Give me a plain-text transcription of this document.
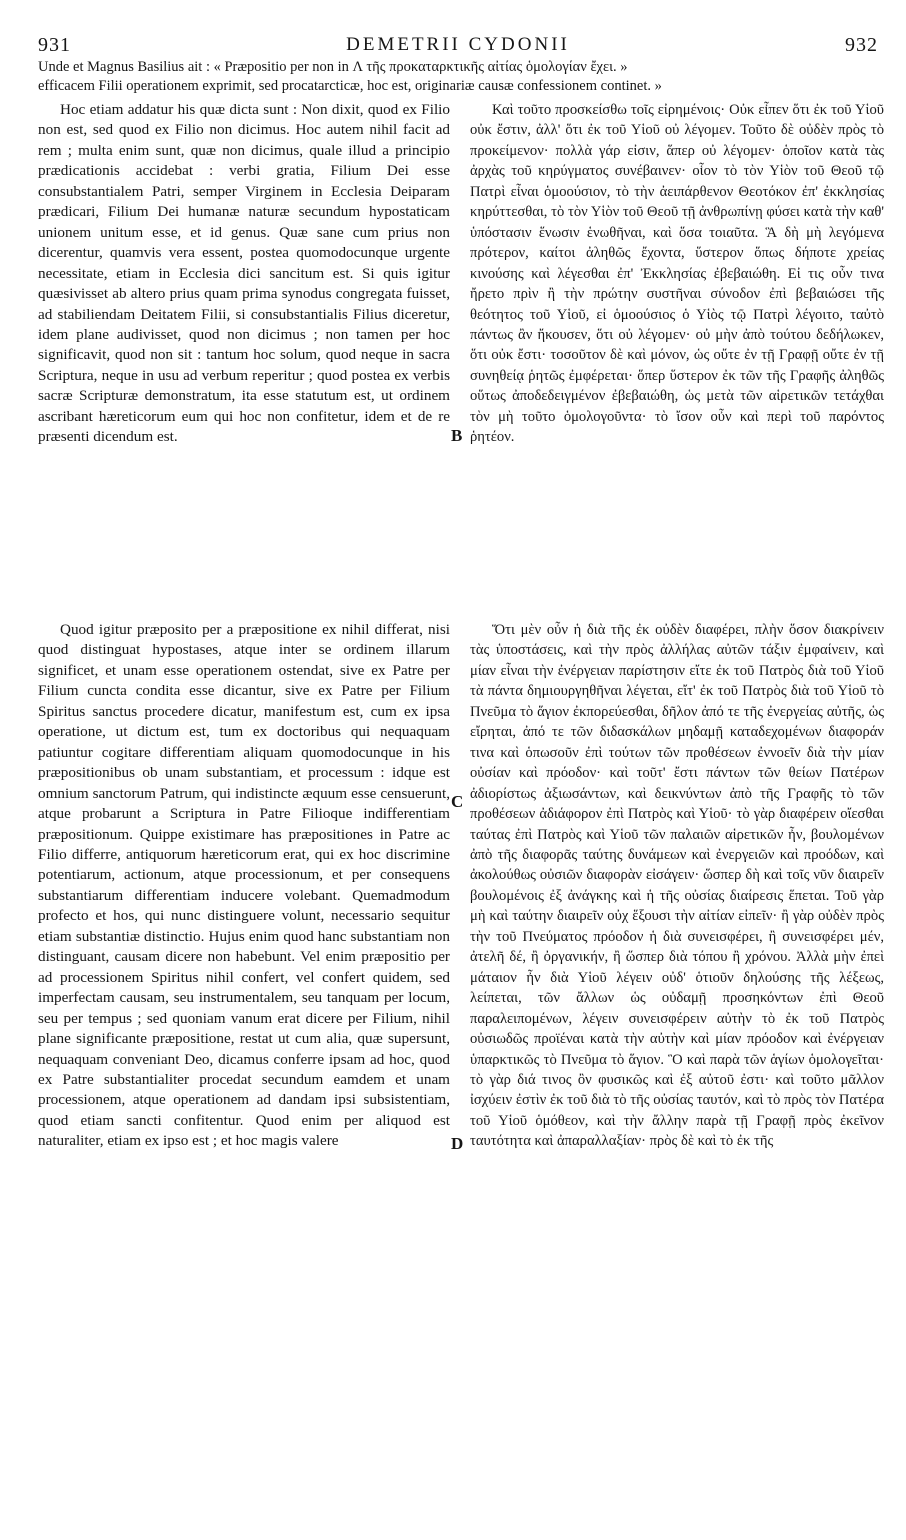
DEMETRII CYDONII
931	932
Unde et Magnus Basilius ait : « Præpositio per non in Λ τῆς προκαταρκτικῆς αἰτίας ὁμολογίαν ἔχει. »
efficacem Filii operationem exprimit, sed procatarcticæ, hoc est, originariæ causæ confessionem continet. »

Hoc etiam addatur his quæ dicta sunt : Non dixit, quod ex Filio non est, sed quod ex Filio non dicimus. Hoc autem nihil facit ad rem ; multa enim sunt, quæ non dicimus, quale illud a principio prædicationis accidebat : verbi gratia, Filium Dei esse consubstantialem Patri, semper Virginem in Ecclesia Deiparam prædicari, Filium Dei humanæ naturæ secundum hypostaticam unionem unitum esse, et id genus. Quæ sane cum prius non dicerentur, quamvis vera essent, postea quomodocunque urgente necessitate, etiam in Ecclesia dici sancitum est. Si quis igitur quæsivisset ab altero prius quam prima synodus congregata fuisset, ad stabiliendam Deitatem Filii, si consubstantialis Filius diceretur, idem plane audivisset, quod non dicimus ; non tamen per hoc significavit, quod non sit : tantum hoc solum, quod neque in sacra Scriptura, neque in usu ad verbum reperitur ; quod postea ex verbis sacræ Scripturæ demonstratum, ita esse statutum est, ut ordinem ascribant hæreticorum eum qui hoc non confitetur, idem et de re præsenti dicendum est.

Καὶ τοῦτο προσκείσθω τοῖς εἰρημένοις· Οὐκ εἶπεν ὅτι ἐκ τοῦ Υἱοῦ οὐκ ἔστιν, ἀλλ' ὅτι ἐκ τοῦ Υἱοῦ οὐ λέγομεν. Τοῦτο δὲ οὐδὲν πρὸς τὸ προκείμενον· πολλὰ γάρ εἰσιν, ἅπερ οὐ λέγομεν· ὁποῖον κατὰ τὰς ἀρχὰς τοῦ κηρύγματος συνέβαινεν· οἷον τὸ τὸν Υἱὸν τοῦ Θεοῦ τῷ Πατρὶ εἶναι ὁμοούσιον, τὸ τὴν ἀειπάρθενον Θεοτόκον ἐπ' ἐκκλησίας κηρύττεσθαι, τὸ τὸν Υἱὸν τοῦ Θεοῦ τῇ ἀνθρωπίνῃ φύσει κατὰ τὴν καθ' ὑπόστασιν ἕνωσιν ἑνωθῆναι, καὶ ὅσα τοιαῦτα. Ἃ δὴ μὴ λεγόμενα πρότερον, καίτοι ἀληθῶς ἔχοντα, ὕστερον ὅπως δήποτε χρείας κινούσης καὶ λέγεσθαι ἐπ' Ἐκκλησίας ἐβεβαιώθη. Εἰ τις οὖν τινα ἤρετο πρὶν ἢ τὴν πρώτην συστῆναι σύνοδον ἐπὶ βεβαιώσει τῆς θεότητος τοῦ Υἱοῦ, εἰ ὁμοούσιος ὁ Υἱὸς τῷ Πατρὶ λέγοιτο, ταὐτὸ πάντως ἂν ἤκουσεν, ὅτι οὐ λέγομεν· οὐ μὴν ἀπὸ τούτου δεδήλωκεν, ὅτι οὐκ ἔστι· τοσοῦτον δὲ καὶ μόνον, ὡς οὔτε ἐν τῇ Γραφῇ οὔτε ἐν τῇ συνηθείᾳ ῥητῶς ἐμφέρεται· ὅπερ ὕστερον ἐκ τῶν τῆς Γραφῆς ἀληθῶς οὕτως ἀποδεδειγμένον ἐβεβαιώθη, ὡς μετὰ τῶν αἱρετικῶν τετάχθαι τὸν μὴ τοῦτο ὁμολογοῦντα· τὸ ἴσον οὖν καὶ περὶ τοῦ παρόντος ῥητέον.

Quod igitur præposito per a præpositione ex nihil differat, nisi quod distinguat hypostases, atque inter se ordinem illarum significet, et unam esse operationem ostendat, sive ex Patre per Filium cuncta condita esse dicantur, sive ex Patre per Filium Spiritus sanctus procedere dicatur, manifestum est, cum ex ipsa operatione, ut dictum est, tum ex doctoribus qui nequaquam patiuntur cogitare differentiam aliquam quomodocunque in his præpositionibus ob unam substantiam, et processum : idque est omnium sanctorum Patrum, qui indistincte æquum esse censuerunt, atque probarunt a Scriptura in Patre Filioque indifferentiam præpositionum. Quippe existimare has præpositiones in Patre ac Filio differre, antiquorum hæreticorum erat, qui ex hoc discrimine potentiarum, actionum, atque processionum, et per consequens substantiarum differentiam inducere volebant. Quemadmodum profecto et hos, qui nunc distinguere volunt, necessario sequitur etiam substantiæ distinctio. Hujus enim quod hanc substantiam non distinguant, causam dicere non habebunt. Vel enim præpositio per ad processionem Spiritus nihil confert, vel confert quidem, sed imperfectam causam, seu instrumentalem, seu tanquam per locum, seu per tempus ; sed quoniam vanum erat dicere per Filium, nihil plane significante præpositione, restat ut cum alia, quæ supersunt, nequaquam conveniant Deo, dicamus conferre ipsam ad hoc, quod ex Patre substantialiter procedat secundum eamdem et unam processionem, atque operationem ad dandam ipsi subsistentiam, quod etiam sancti confitentur. Quod enim per aliquod est naturaliter, etiam ex ipso est ; et hoc magis valere

Ὅτι μὲν οὖν ἡ διὰ τῆς ἐκ οὐδὲν διαφέρει, πλὴν ὅσον διακρίνειν τὰς ὑποστάσεις, καὶ τὴν πρὸς ἀλλήλας αὐτῶν τάξιν ἐμφαίνειν, καὶ μίαν εἶναι τὴν ἐνέργειαν παρίστησιν εἴτε ἐκ τοῦ Πατρὸς διὰ τοῦ Υἱοῦ τὰ πάντα δημιουργηθῆναι λέγεται, εἴτ' ἐκ τοῦ Πατρὸς διὰ τοῦ Υἱοῦ τὸ Πνεῦμα τὸ ἅγιον ἐκπορεύεσθαι, δῆλον ἀπό τε τῆς ἐνεργείας αὐτῆς, ὡς εἴρηται, ἀπό τε τῶν διδασκάλων μηδαμῇ καταδεχομένων διαφοράν τινα καὶ ὁπωσοῦν ἐπὶ τούτων τῶν προθέσεων ἐννοεῖν διὰ τὴν μίαν οὐσίαν καὶ πρόοδον· καὶ τοῦτ' ἔστι πάντων τῶν θείων Πατέρων ἀδιορίστως ἀξιωσάντων, καὶ δεικνύντων ἀπὸ τῆς Γραφῆς τὸ τῶν προθέσεων ἀδιάφορον ἐπὶ Πατρὸς καὶ Υἱοῦ· τὸ γὰρ διαφέρειν οἴεσθαι ταύτας ἐπὶ Πατρὸς καὶ Υἱοῦ τῶν παλαιῶν αἱρετικῶν ἦν, βουλομένων ἀπὸ τῆς διαφορᾶς ταύτης δυνάμεων καὶ ἐνεργειῶν καὶ προόδων, καὶ ἀκολούθως οὐσιῶν διαφορὰν εἰσάγειν· ὥσπερ δὴ καὶ τοῖς νῦν διαιρεῖν βουλομένοις ἐξ ἀνάγκης καὶ ἡ τῆς οὐσίας διαίρεσις ἕπεται. Τοῦ γὰρ μὴ καὶ ταύτην διαιρεῖν οὐχ ἕξουσι τὴν αἰτίαν εἰπεῖν· ἢ γὰρ οὐδὲν πρὸς τὴν τοῦ Πνεύματος πρόοδον ἡ διὰ συνεισφέρει, ἢ συνεισφέρει μέν, ἀτελῆ δέ, ἢ ὀργανικήν, ἢ ὥσπερ διὰ τόπου ἢ χρόνου. Ἀλλὰ μὴν ἐπεὶ μάταιον ἦν διὰ Υἱοῦ λέγειν οὐδ' ὁτιοῦν δηλούσης τῆς λέξεως, λείπεται, τῶν ἄλλων ὡς οὐδαμῇ προσηκόντων ἐπὶ Θεοῦ παραλειπομένων, λέγειν συνεισφέρειν αὐτὴν τὸ ἐκ τοῦ Πατρὸς οὐσιωδῶς προϊέναι κατὰ τὴν αὐτὴν καὶ μίαν πρόοδον καὶ ἐνέργειαν ὑπαρκτικῶς τὸ Πνεῦμα τὸ ἅγιον. Ὃ καὶ παρὰ τῶν ἁγίων ὁμολογεῖται· τὸ γὰρ διά τινος ὂν φυσικῶς καὶ ἐξ αὐτοῦ ἐστι· καὶ τοῦτο μᾶλλον ἰσχύειν ἐστὶν ἐκ τοῦ διὰ τὸ τῆς οὐσίας ταυτόν, καὶ τὸ πρὸς τὸν Πατέρα τοῦ Υἱοῦ ὁμόθεον, καὶ τὴν ἄλλην παρὰ τῇ Γραφῇ πρὸς ἐκεῖνον ταυτότητα καὶ ἀπαραλλαξίαν· πρὸς δὲ καὶ τὸ ἐκ τῆς

B
C
D
